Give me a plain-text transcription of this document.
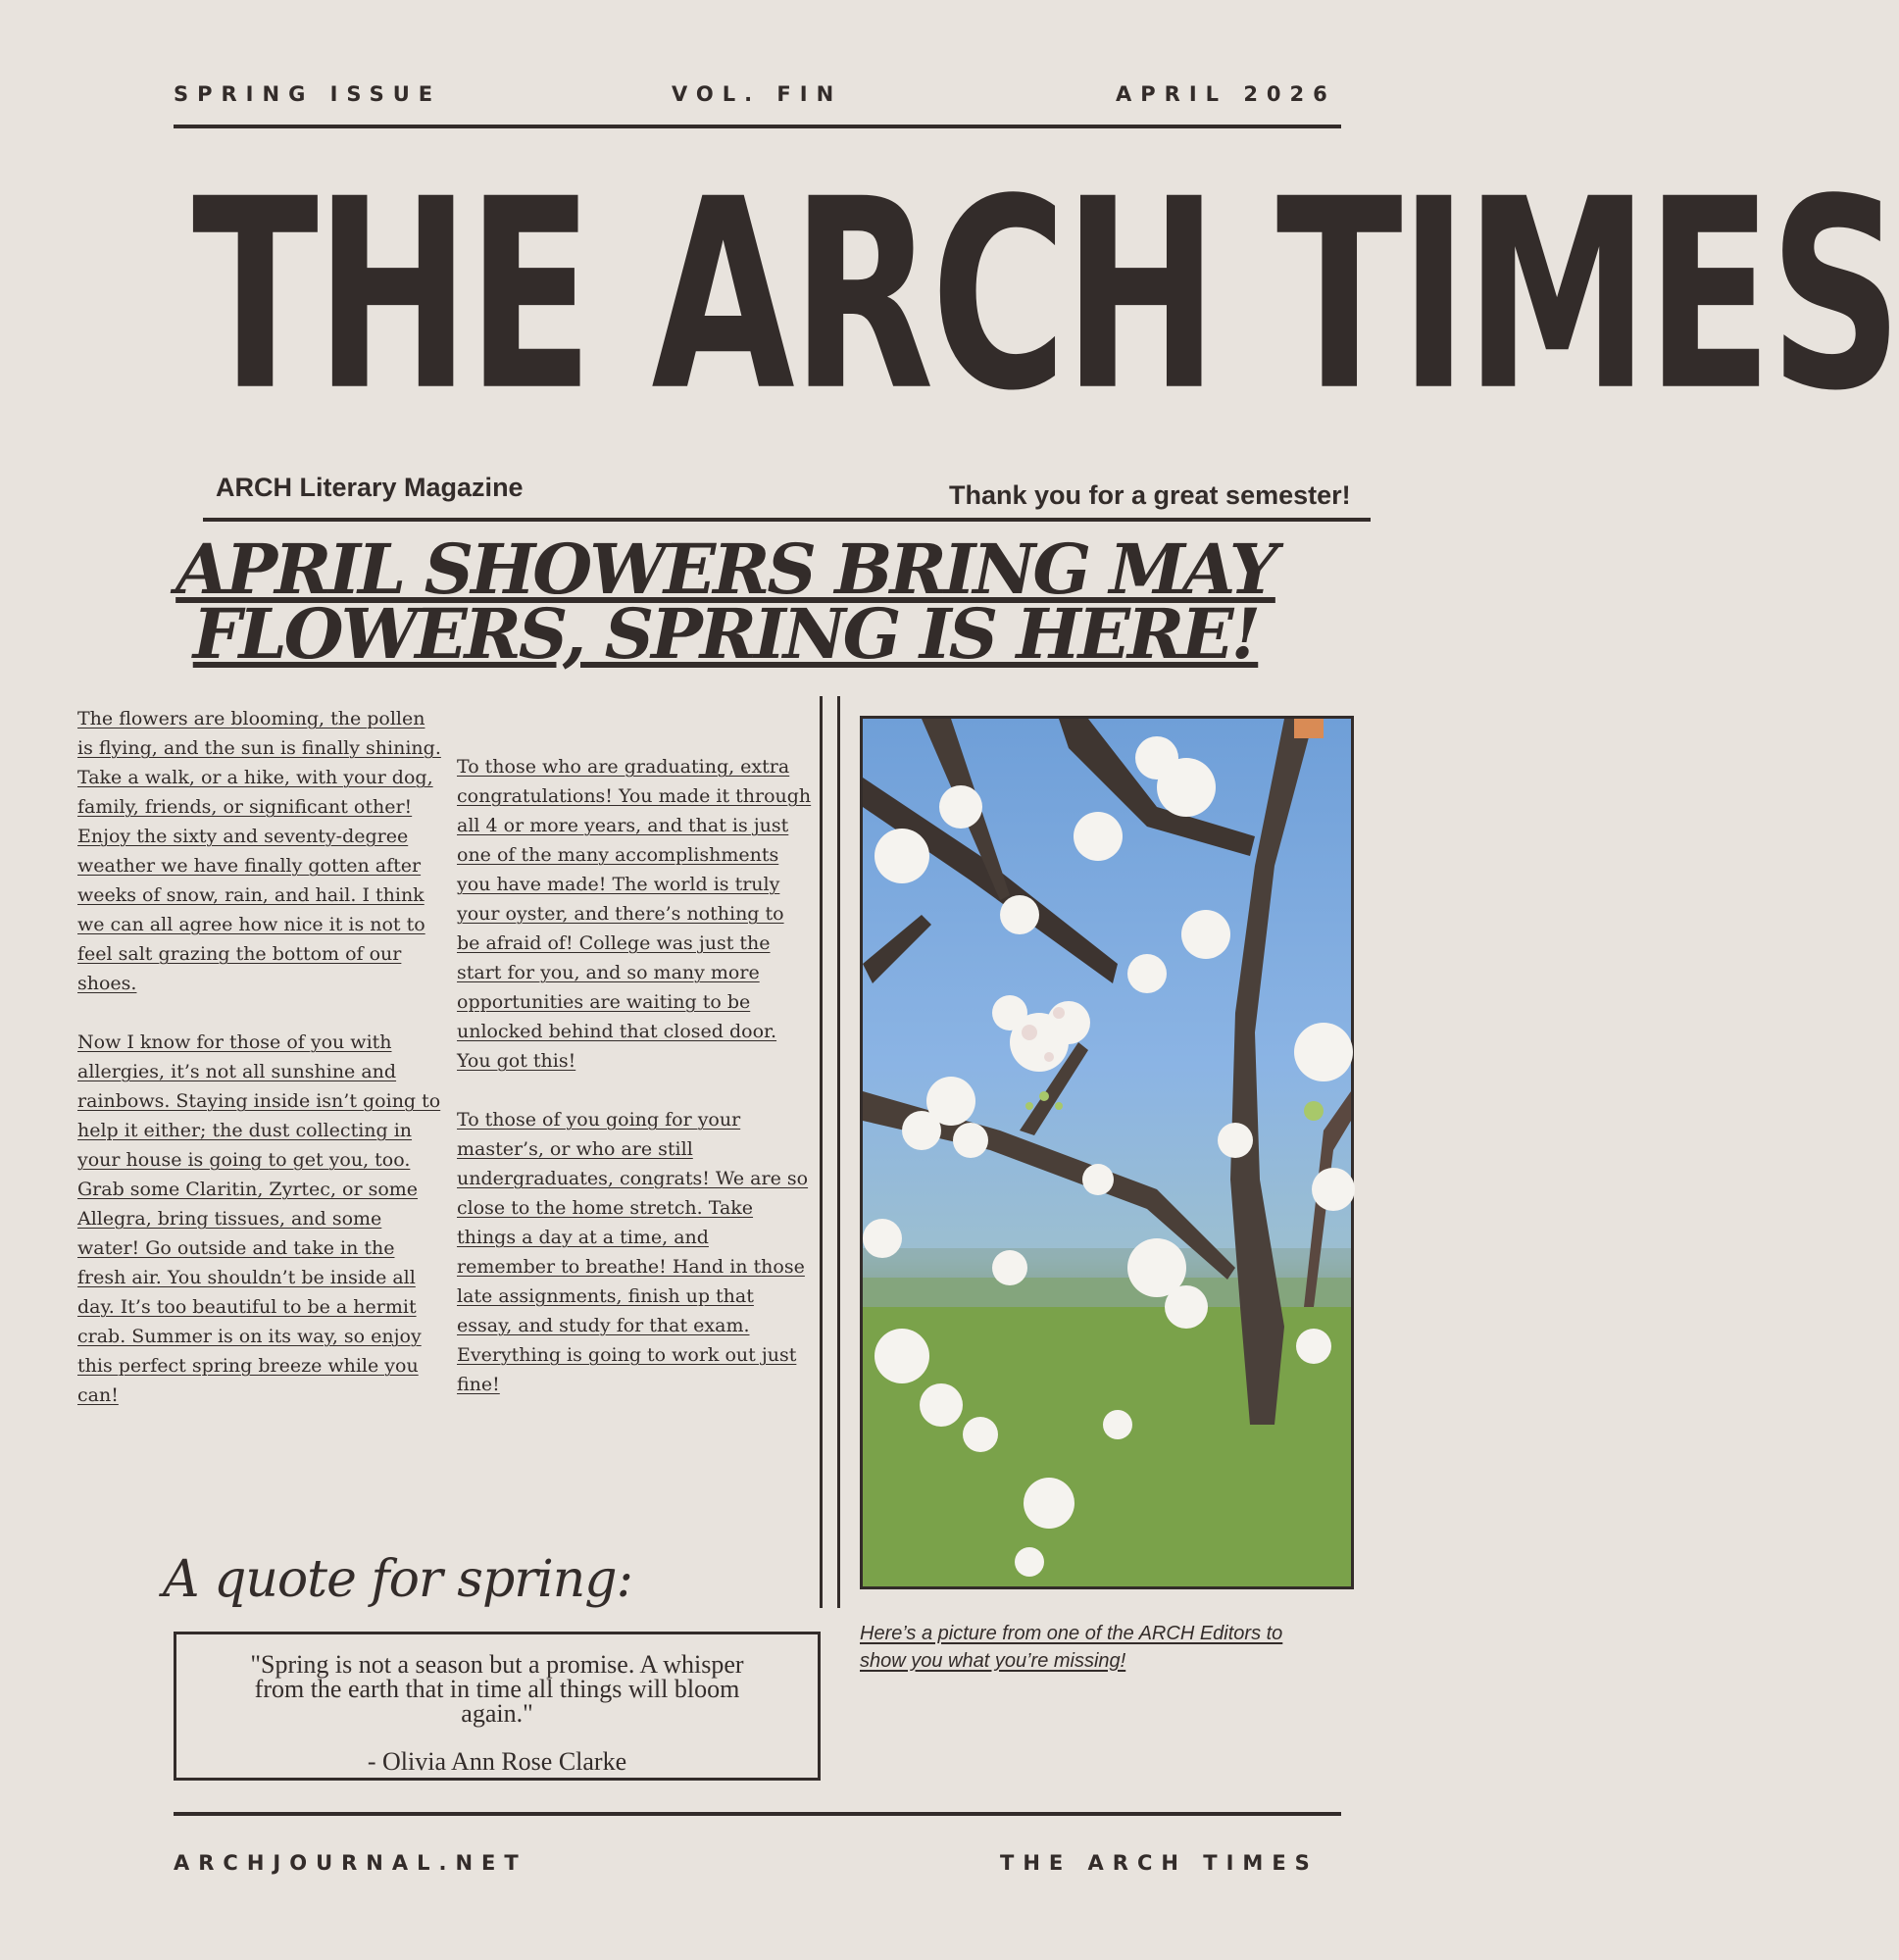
SPRING ISSUE	VOL. FIN	APRIL 2026
THE ARCH TIMES
ARCH Literary Magazine	Thank you for a great semester!
APRIL SHOWERS BRING MAY
FLOWERS, SPRING IS HERE!

The flowers are blooming, the pollen is flying, and the sun is finally shining. Take a walk, or a hike, with your dog, family, friends, or significant other! Enjoy the sixty and seventy-degree weather we have finally gotten after weeks of snow, rain, and hail. I think we can all agree how nice it is not to feel salt grazing the bottom of our shoes.

Now I know for those of you with allergies, it’s not all sunshine and rainbows. Staying inside isn’t going to help it either; the dust collecting in your house is going to get you, too. Grab some Claritin, Zyrtec, or some Allegra, bring tissues, and some water! Go outside and take in the fresh air. You shouldn’t be inside all day. It’s too beautiful to be a hermit crab. Summer is on its way, so enjoy this perfect spring breeze while you can!

To those who are graduating, extra congratulations! You made it through all 4 or more years, and that is just one of the many accomplishments you have made! The world is truly your oyster, and there’s nothing to be afraid of! College was just the start for you, and so many more opportunities are waiting to be unlocked behind that closed door. You got this!

To those of you going for your master’s, or who are still undergraduates, congrats! We are so close to the home stretch. Take things a day at a time, and remember to breathe! Hand in those late assignments, finish up that essay, and study for that exam. Everything is going to work out just fine!

Here’s a picture from one of the ARCH Editors to show you what you’re missing!
A quote for spring:
"Spring is not a season but a promise. A whisper from the earth that in time all things will bloom again."
- Olivia Ann Rose Clarke
ARCHJOURNAL.NET	THE ARCH TIMES
